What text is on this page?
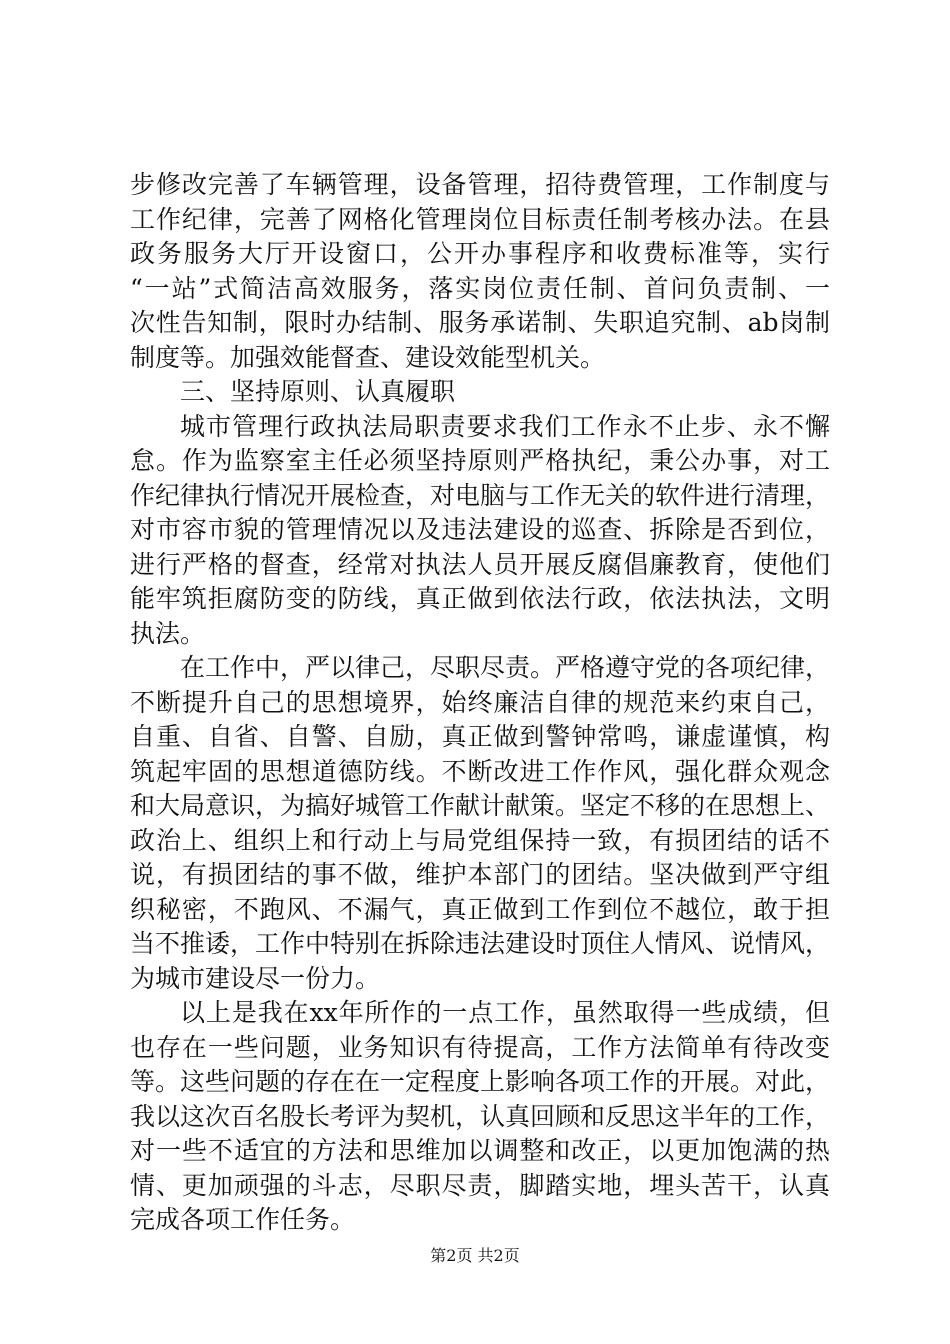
步修改完善了车辆管理，设备管理，招待费管理，工作制度与
工作纪律，完善了网格化管理岗位目标责任制考核办法。在县
政务服务大厅开设窗口，公开办事程序和收费标准等，实行
“一站”式简洁高效服务，落实岗位责任制、首问负责制、一
次性告知制，限时办结制、服务承诺制、失职追究制、ab岗制
制度等。加强效能督查、建设效能型机关。
三、坚持原则、认真履职
城市管理行政执法局职责要求我们工作永不止步、永不懈
怠。作为监察室主任必须坚持原则严格执纪，秉公办事，对工
作纪律执行情况开展检查，对电脑与工作无关的软件进行清理，
对市容市貌的管理情况以及违法建设的巡查、拆除是否到位，
进行严格的督查，经常对执法人员开展反腐倡廉教育，使他们
能牢筑拒腐防变的防线，真正做到依法行政，依法执法，文明
执法。
在工作中，严以律己，尽职尽责。严格遵守党的各项纪律，
不断提升自己的思想境界，始终廉洁自律的规范来约束自己，
自重、自省、自警、自励，真正做到警钟常鸣，谦虚谨慎，构
筑起牢固的思想道德防线。不断改进工作作风，强化群众观念
和大局意识，为搞好城管工作献计献策。坚定不移的在思想上、
政治上、组织上和行动上与局党组保持一致，有损团结的话不
说，有损团结的事不做，维护本部门的团结。坚决做到严守组
织秘密，不跑风、不漏气，真正做到工作到位不越位，敢于担
当不推诿，工作中特别在拆除违法建设时顶住人情风、说情风，
为城市建设尽一份力。
以上是我在xx年所作的一点工作，虽然取得一些成绩，但
也存在一些问题，业务知识有待提高，工作方法简单有待改变
等。这些问题的存在在一定程度上影响各项工作的开展。对此，
我以这次百名股长考评为契机，认真回顾和反思这半年的工作，
对一些不适宜的方法和思维加以调整和改正，以更加饱满的热
情、更加顽强的斗志，尽职尽责，脚踏实地，埋头苦干，认真
完成各项工作任务。
第2页 共2页
